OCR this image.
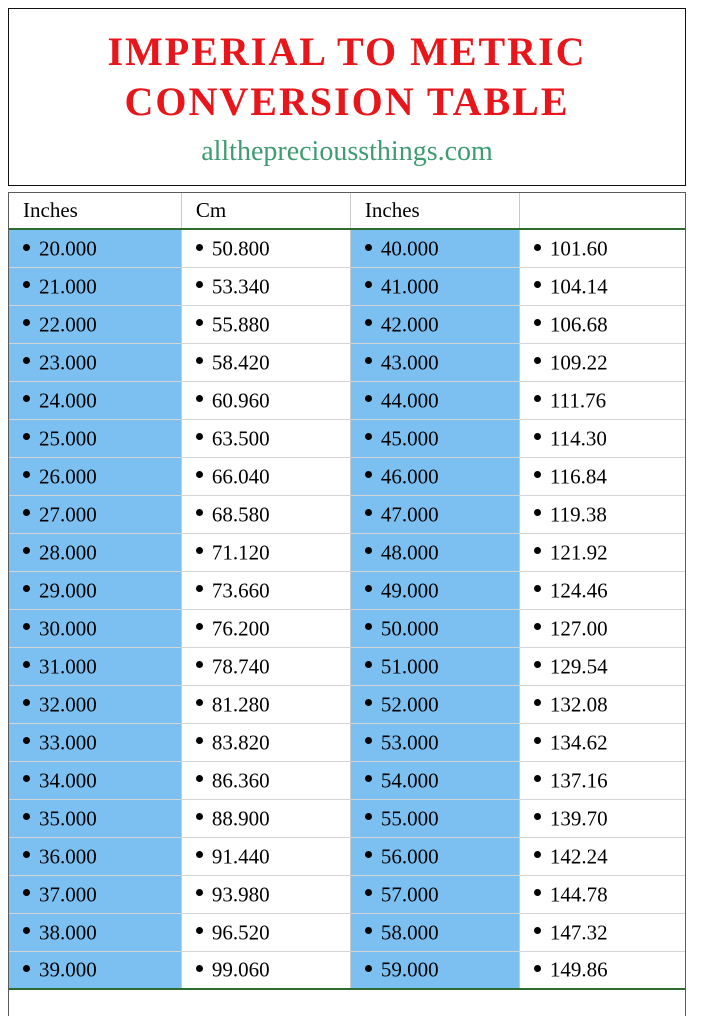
IMPERIAL TO METRIC
CONVERSION TABLE
alltheprecioussthings.com
Inches	Cm	Inches	
20.000	50.800	40.000	101.60
21.000	53.340	41.000	104.14
22.000	55.880	42.000	106.68
23.000	58.420	43.000	109.22
24.000	60.960	44.000	111.76
25.000	63.500	45.000	114.30
26.000	66.040	46.000	116.84
27.000	68.580	47.000	119.38
28.000	71.120	48.000	121.92
29.000	73.660	49.000	124.46
30.000	76.200	50.000	127.00
31.000	78.740	51.000	129.54
32.000	81.280	52.000	132.08
33.000	83.820	53.000	134.62
34.000	86.360	54.000	137.16
35.000	88.900	55.000	139.70
36.000	91.440	56.000	142.24
37.000	93.980	57.000	144.78
38.000	96.520	58.000	147.32
39.000	99.060	59.000	149.86
